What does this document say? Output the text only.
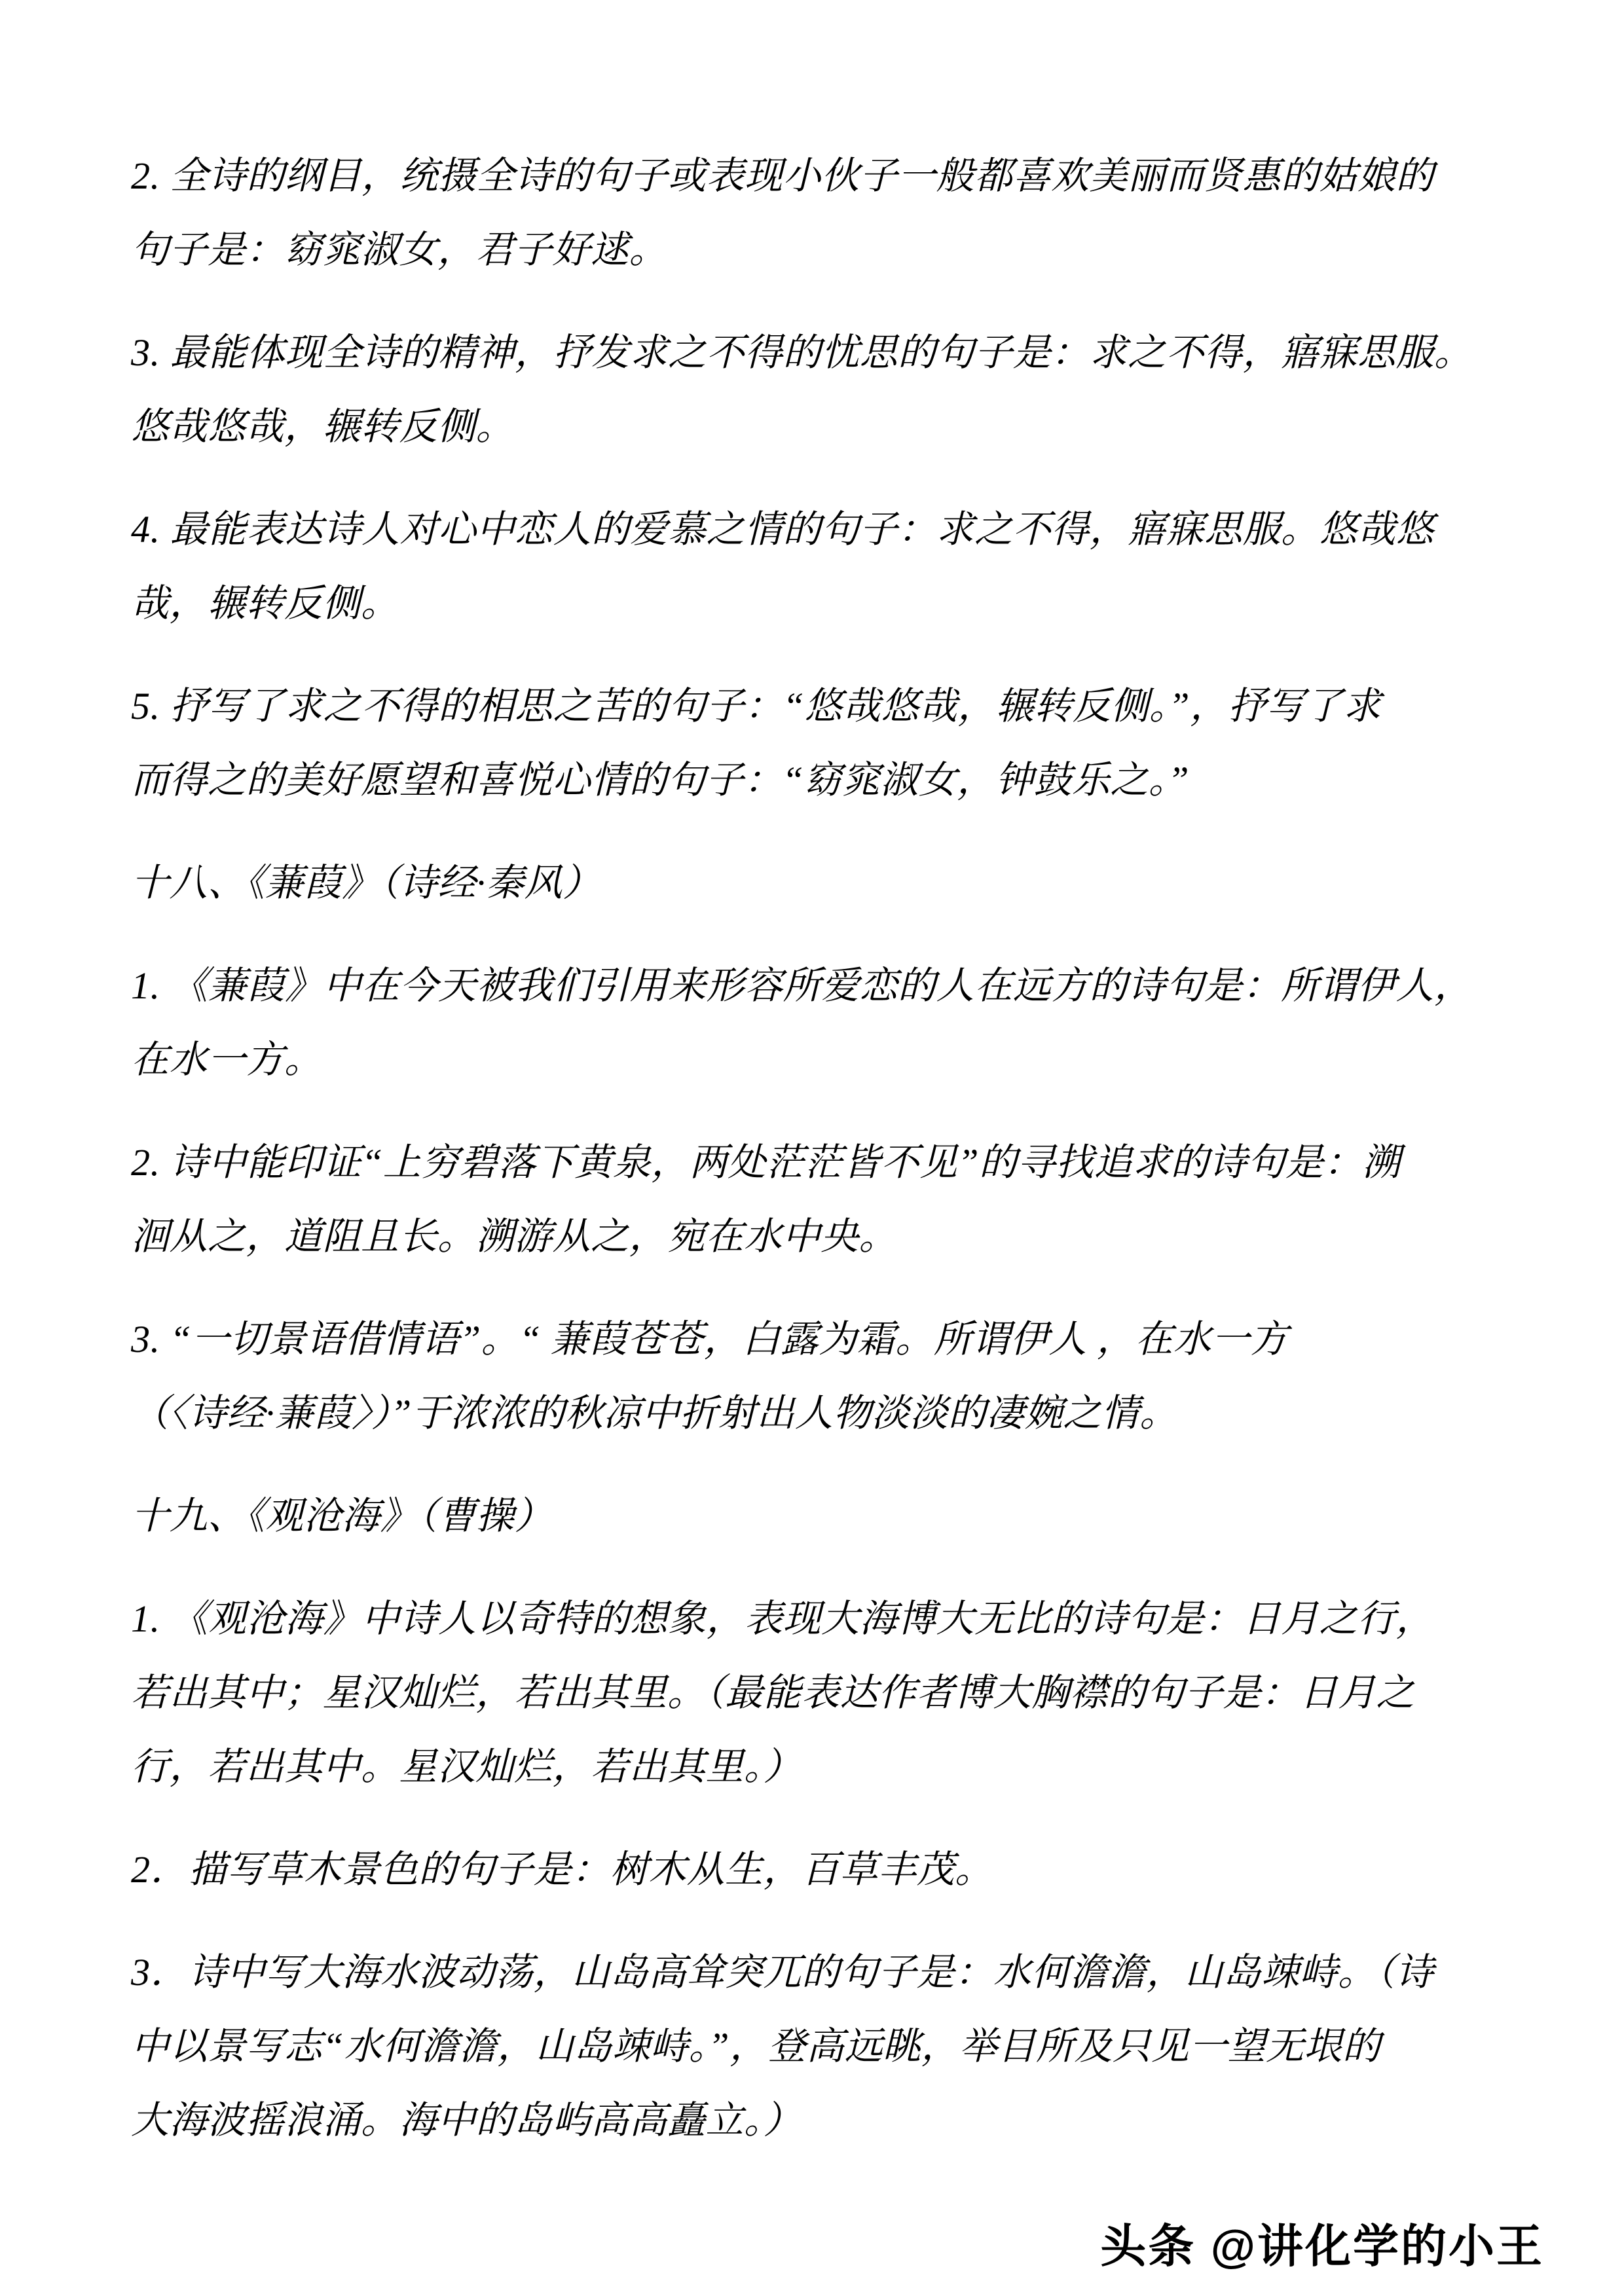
2. 全诗的纲目，统摄全诗的句子或表现小伙子一般都喜欢美丽而贤惠的姑娘的
句子是：窈窕淑女，君子好逑。
3. 最能体现全诗的精神，抒发求之不得的忧思的句子是：求之不得，寤寐思服。
悠哉悠哉，辗转反侧。
4. 最能表达诗人对心中恋人的爱慕之情的句子：求之不得，寤寐思服。悠哉悠
哉，辗转反侧。
5. 抒写了求之不得的相思之苦的句子：“悠哉悠哉，辗转反侧。”，抒写了求
而得之的美好愿望和喜悦心情的句子：“窈窕淑女，钟鼓乐之。”
十八、《蒹葭》（诗经·秦风）
1. 《蒹葭》中在今天被我们引用来形容所爱恋的人在远方的诗句是：所谓伊人，
在水一方。
2. 诗中能印证“上穷碧落下黄泉，两处茫茫皆不见”的寻找追求的诗句是：溯
洄从之，道阻且长。溯游从之，宛在水中央。
3. “一切景语借情语”。“ 蒹葭苍苍，白露为霜。所谓伊人 ，在水一方
（〈诗经·蒹葭〉）”于浓浓的秋凉中折射出人物淡淡的凄婉之情。
十九、《观沧海》（曹操）
1. 《观沧海》中诗人以奇特的想象，表现大海博大无比的诗句是：日月之行，
若出其中；星汉灿烂，若出其里。（最能表达作者博大胸襟的句子是：日月之
行，若出其中。星汉灿烂，若出其里。）
2．描写草木景色的句子是：树木从生，百草丰茂。
3．诗中写大海水波动荡，山岛高耸突兀的句子是：水何澹澹，山岛竦峙。（诗
中以景写志“水何澹澹，山岛竦峙。”，登高远眺，举目所及只见一望无垠的
大海波摇浪涌。海中的岛屿高高矗立。）
头条 @讲化学的小王
